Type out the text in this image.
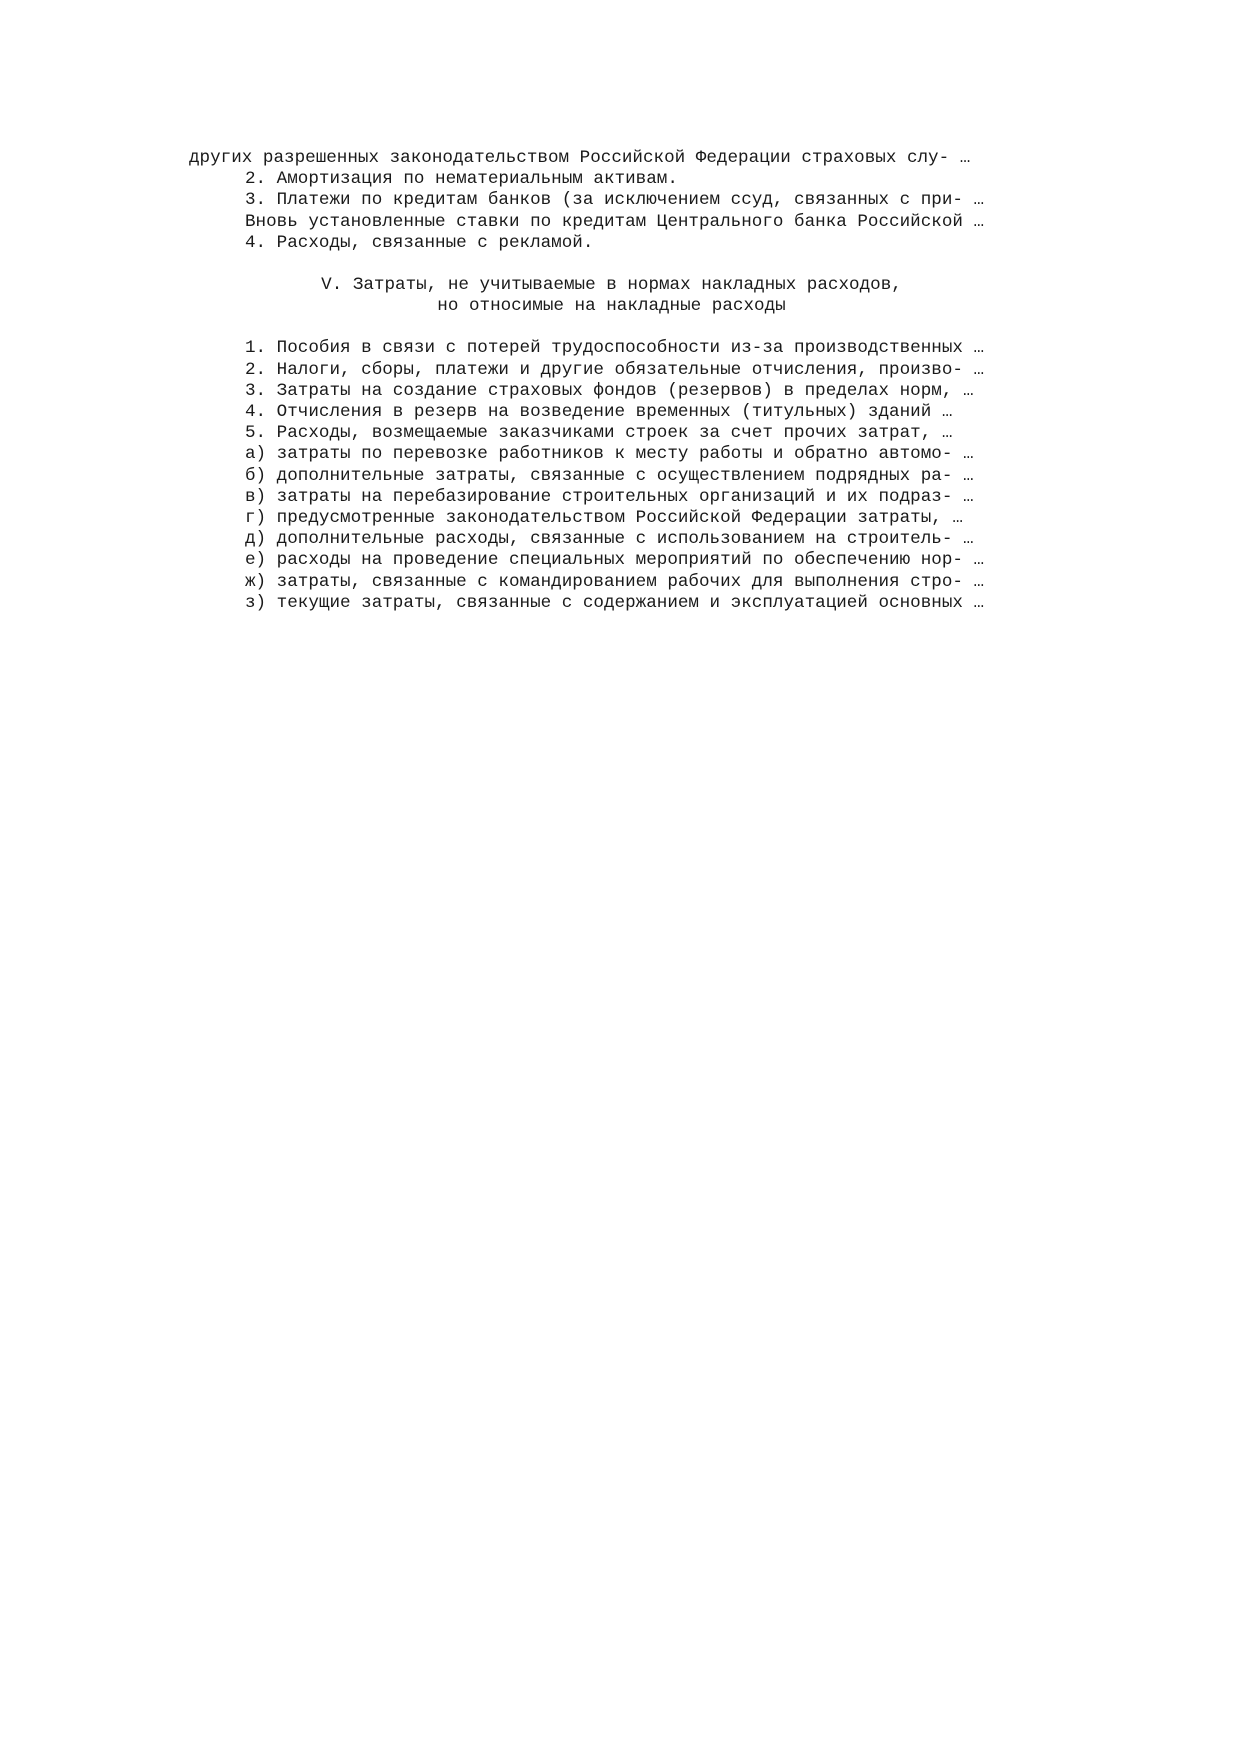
других разрешенных законодательством Российской Федерации страховых слу- …

2. Амортизация по нематериальным активам.

3. Платежи по кредитам банков (за исключением ссуд, связанных с при- …

Вновь установленные ставки по кредитам Центрального банка Российской …

4. Расходы, связанные с рекламой.

V. Затраты, не учитываемые в нормах накладных расходов,
но относимые на накладные расходы

1. Пособия в связи с потерей трудоспособности из-за производственных …

2. Налоги, сборы, платежи и другие обязательные отчисления, произво- …

3. Затраты на создание страховых фондов (резервов) в пределах норм, …

4. Отчисления в резерв на возведение временных (титульных) зданий …

5. Расходы, возмещаемые заказчиками строек за счет прочих затрат, …

а) затраты по перевозке работников к месту работы и обратно автомо- …

б) дополнительные затраты, связанные с осуществлением подрядных ра- …

в) затраты на перебазирование строительных организаций и их подраз- …

г) предусмотренные законодательством Российской Федерации затраты, …

д) дополнительные расходы, связанные с использованием на строитель- …

е) расходы на проведение специальных мероприятий по обеспечению нор- …

ж) затраты, связанные с командированием рабочих для выполнения стро- …

з) текущие затраты, связанные с содержанием и эксплуатацией основных …
